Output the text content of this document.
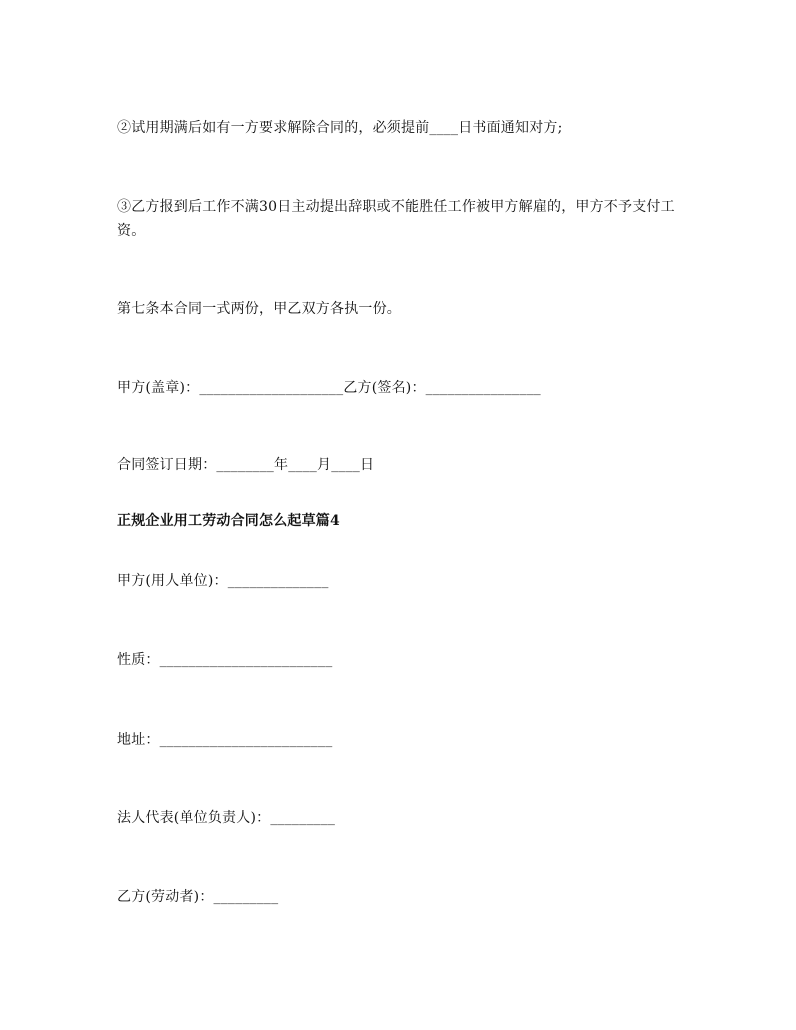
②试用期满后如有一方要求解除合同的，必须提前____日书面通知对方;
③乙方报到后工作不满30日主动提出辞职或不能胜任工作被甲方解雇的，甲方不予支付工资。
第七条本合同一式两份，甲乙双方各执一份。
甲方(盖章)：____________________乙方(签名)：________________
合同签订日期：________年____月____日
正规企业用工劳动合同怎么起草篇4
甲方(用人单位)：______________
性质：________________________
地址：________________________
法人代表(单位负责人)：_________
乙方(劳动者)：_________
